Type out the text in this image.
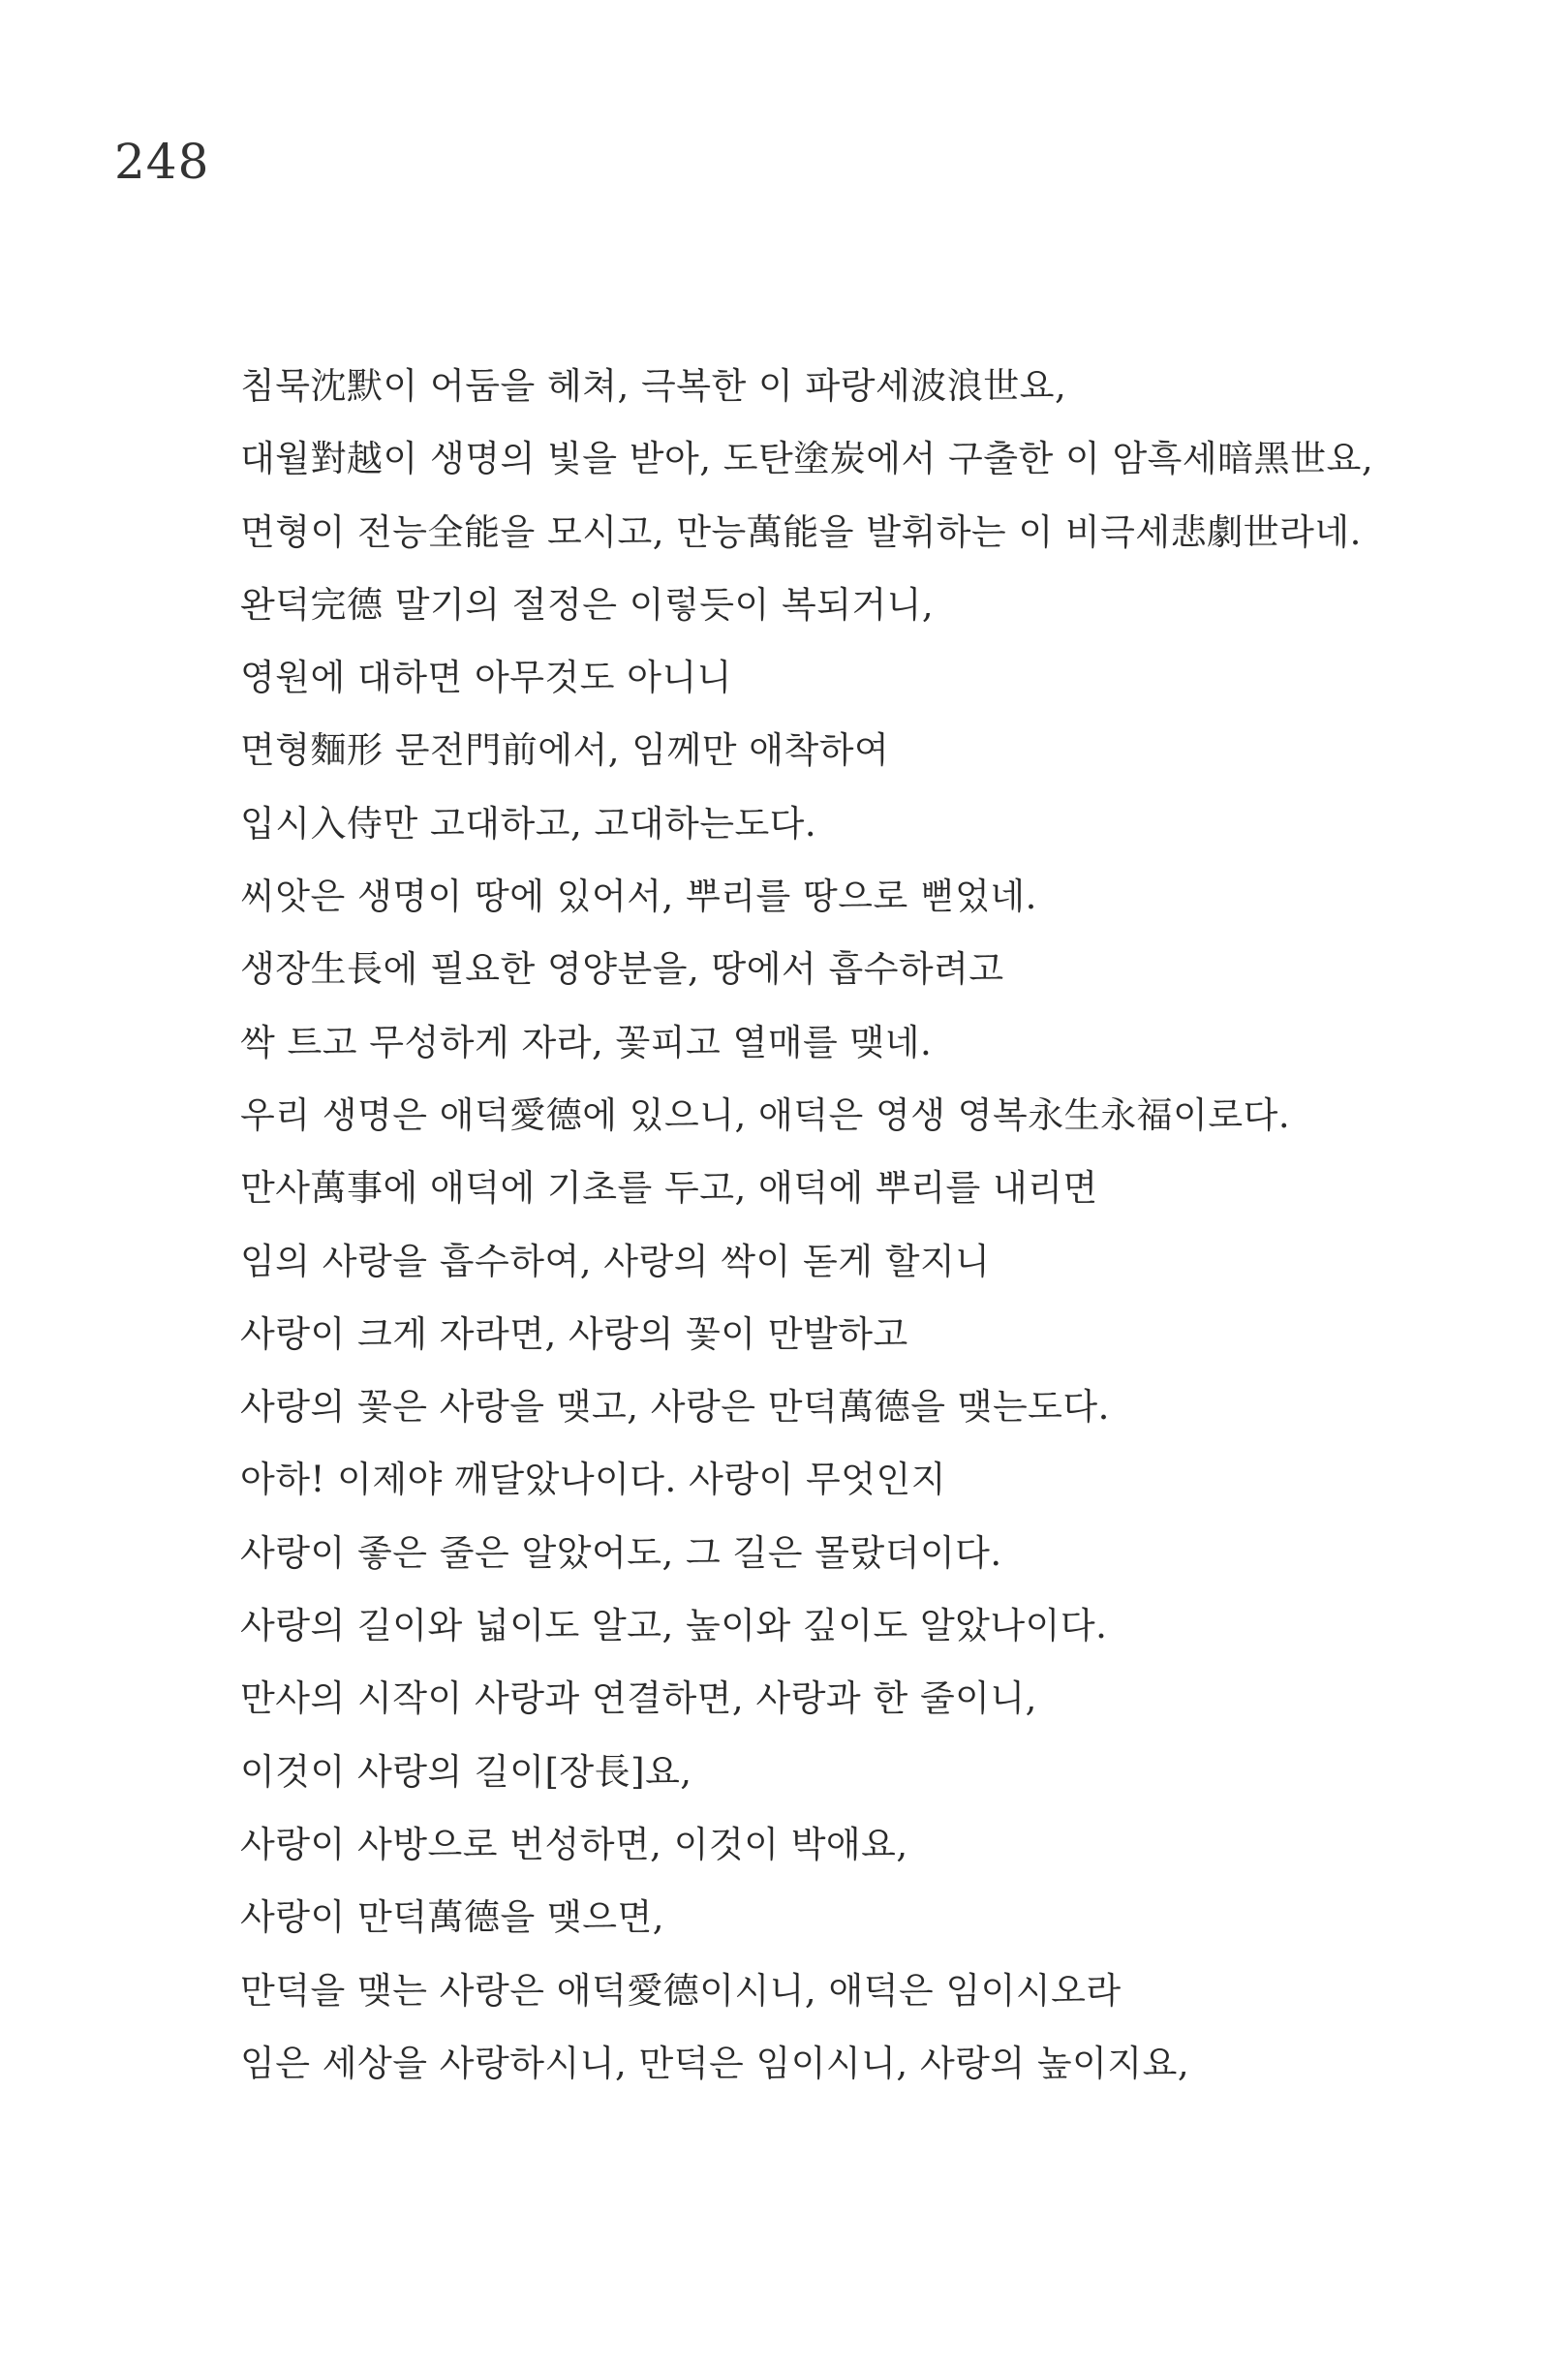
248
침묵沈默이 어둠을 헤쳐, 극복한 이 파랑세波浪世요,
대월對越이 생명의 빛을 받아, 도탄塗炭에서 구출한 이 암흑세暗黑世요,
면형이 전능全能을 모시고, 만능萬能을 발휘하는 이 비극세悲劇世라네.
완덕完德 말기의 절정은 이렇듯이 복되거니,
영원에 대하면 아무것도 아니니
면형麵形 문전門前에서, 임께만 애착하여
입시入侍만 고대하고, 고대하는도다.
씨앗은 생명이 땅에 있어서, 뿌리를 땅으로 뻗었네.
생장生長에 필요한 영양분을, 땅에서 흡수하려고
싹 트고 무성하게 자라, 꽃피고 열매를 맺네.
우리 생명은 애덕愛德에 있으니, 애덕은 영생 영복永生永福이로다.
만사萬事에 애덕에 기초를 두고, 애덕에 뿌리를 내리면
임의 사랑을 흡수하여, 사랑의 싹이 돋게 할지니
사랑이 크게 자라면, 사랑의 꽃이 만발하고
사랑의 꽃은 사랑을 맺고, 사랑은 만덕萬德을 맺는도다.
아하! 이제야 깨달았나이다. 사랑이 무엇인지
사랑이 좋은 줄은 알았어도, 그 길은 몰랐더이다.
사랑의 길이와 넓이도 알고, 높이와 깊이도 알았나이다.
만사의 시작이 사랑과 연결하면, 사랑과 한 줄이니,
이것이 사랑의 길이[장長]요,
사랑이 사방으로 번성하면, 이것이 박애요,
사랑이 만덕萬德을 맺으면,
만덕을 맺는 사랑은 애덕愛德이시니, 애덕은 임이시오라
임은 세상을 사랑하시니, 만덕은 임이시니, 사랑의 높이지요,
